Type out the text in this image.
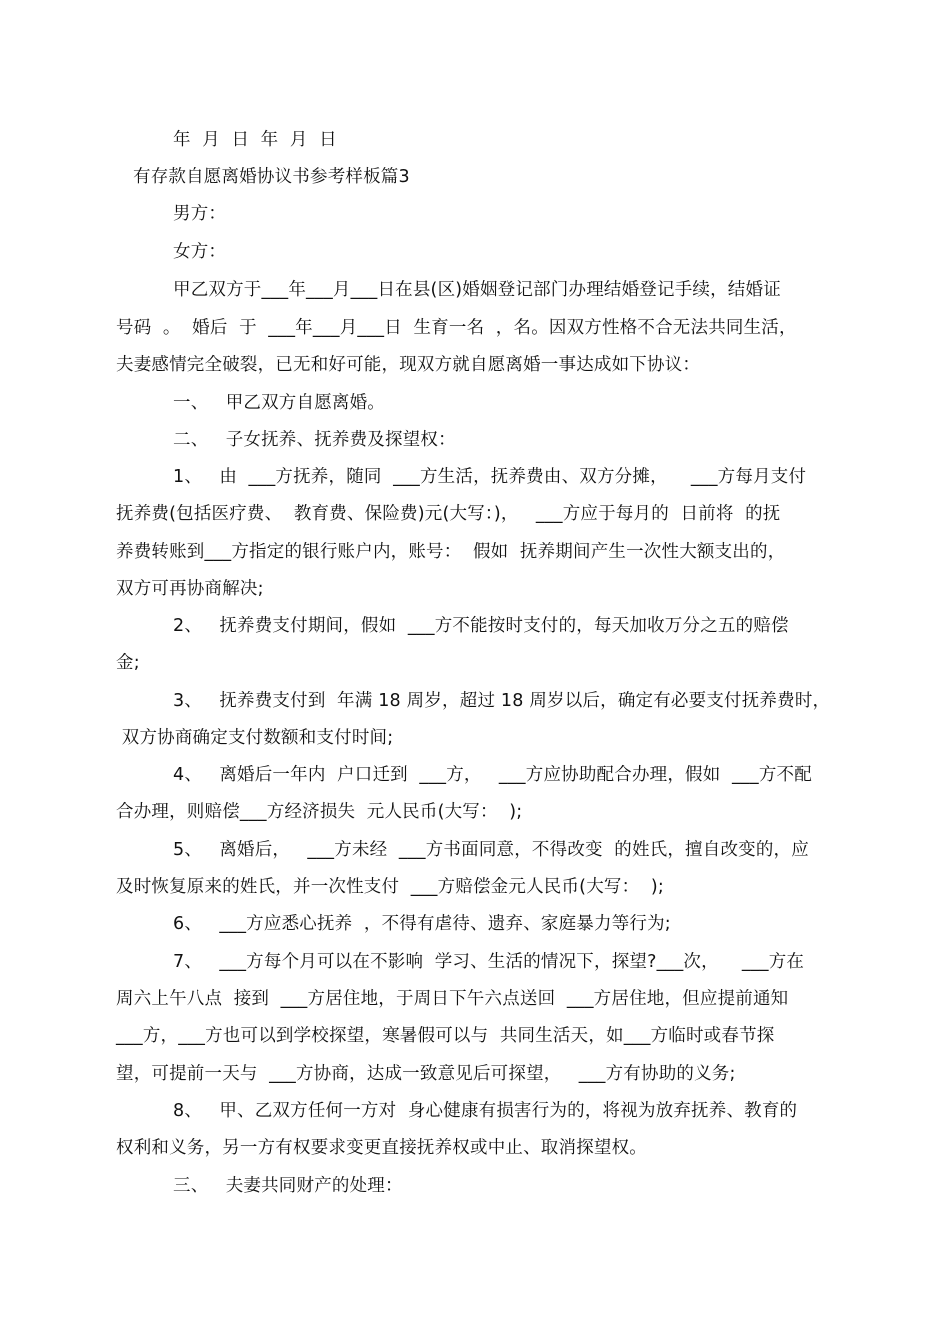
年  月  日  年  月  日
有存款自愿离婚协议书参考样板篇3
男方：
女方：
甲乙双方于___年___月___日在县(区)婚姻登记部门办理结婚登记手续，结婚证
号码  。  婚后  于  ___年___月___日  生育一名  ，名。因双方性格不合无法共同生活，
夫妻感情完全破裂，已无和好可能，现双方就自愿离婚一事达成如下协议：
一、   甲乙双方自愿离婚。
二、   子女抚养、抚养费及探望权：
1、   由  ___方抚养，随同  ___方生活，抚养费由、双方分摊，    ___方每月支付
抚养费(包括医疗费、  教育费、保险费)元(大写：)，   ___方应于每月的  日前将  的抚
养费转账到___方指定的银行账户内，账号：  假如  抚养期间产生一次性大额支出的，
双方可再协商解决;
2、   抚养费支付期间，假如  ___方不能按时支付的，每天加收万分之五的赔偿
金;
3、   抚养费支付到  年满 18 周岁，超过 18 周岁以后，确定有必要支付抚养费时，
双方协商确定支付数额和支付时间;
4、   离婚后一年内  户口迁到  ___方，   ___方应协助配合办理，假如  ___方不配
合办理，则赔偿___方经济损失  元人民币(大写：  );
5、   离婚后，   ___方未经  ___方书面同意，不得改变  的姓氏，擅自改变的，应
及时恢复原来的姓氏，并一次性支付  ___方赔偿金元人民币(大写：  );
6、   ___方应悉心抚养  ，不得有虐待、遗弃、家庭暴力等行为;
7、   ___方每个月可以在不影响  学习、生活的情况下，探望?___次，    ___方在
周六上午八点  接到  ___方居住地，于周日下午六点送回  ___方居住地，但应提前通知
___方，___方也可以到学校探望，寒暑假可以与  共同生活天，如___方临时或春节探
望，可提前一天与  ___方协商，达成一致意见后可探望，   ___方有协助的义务;
8、   甲、乙双方任何一方对  身心健康有损害行为的，将视为放弃抚养、教育的
权利和义务，另一方有权要求变更直接抚养权或中止、取消探望权。
三、   夫妻共同财产的处理：
